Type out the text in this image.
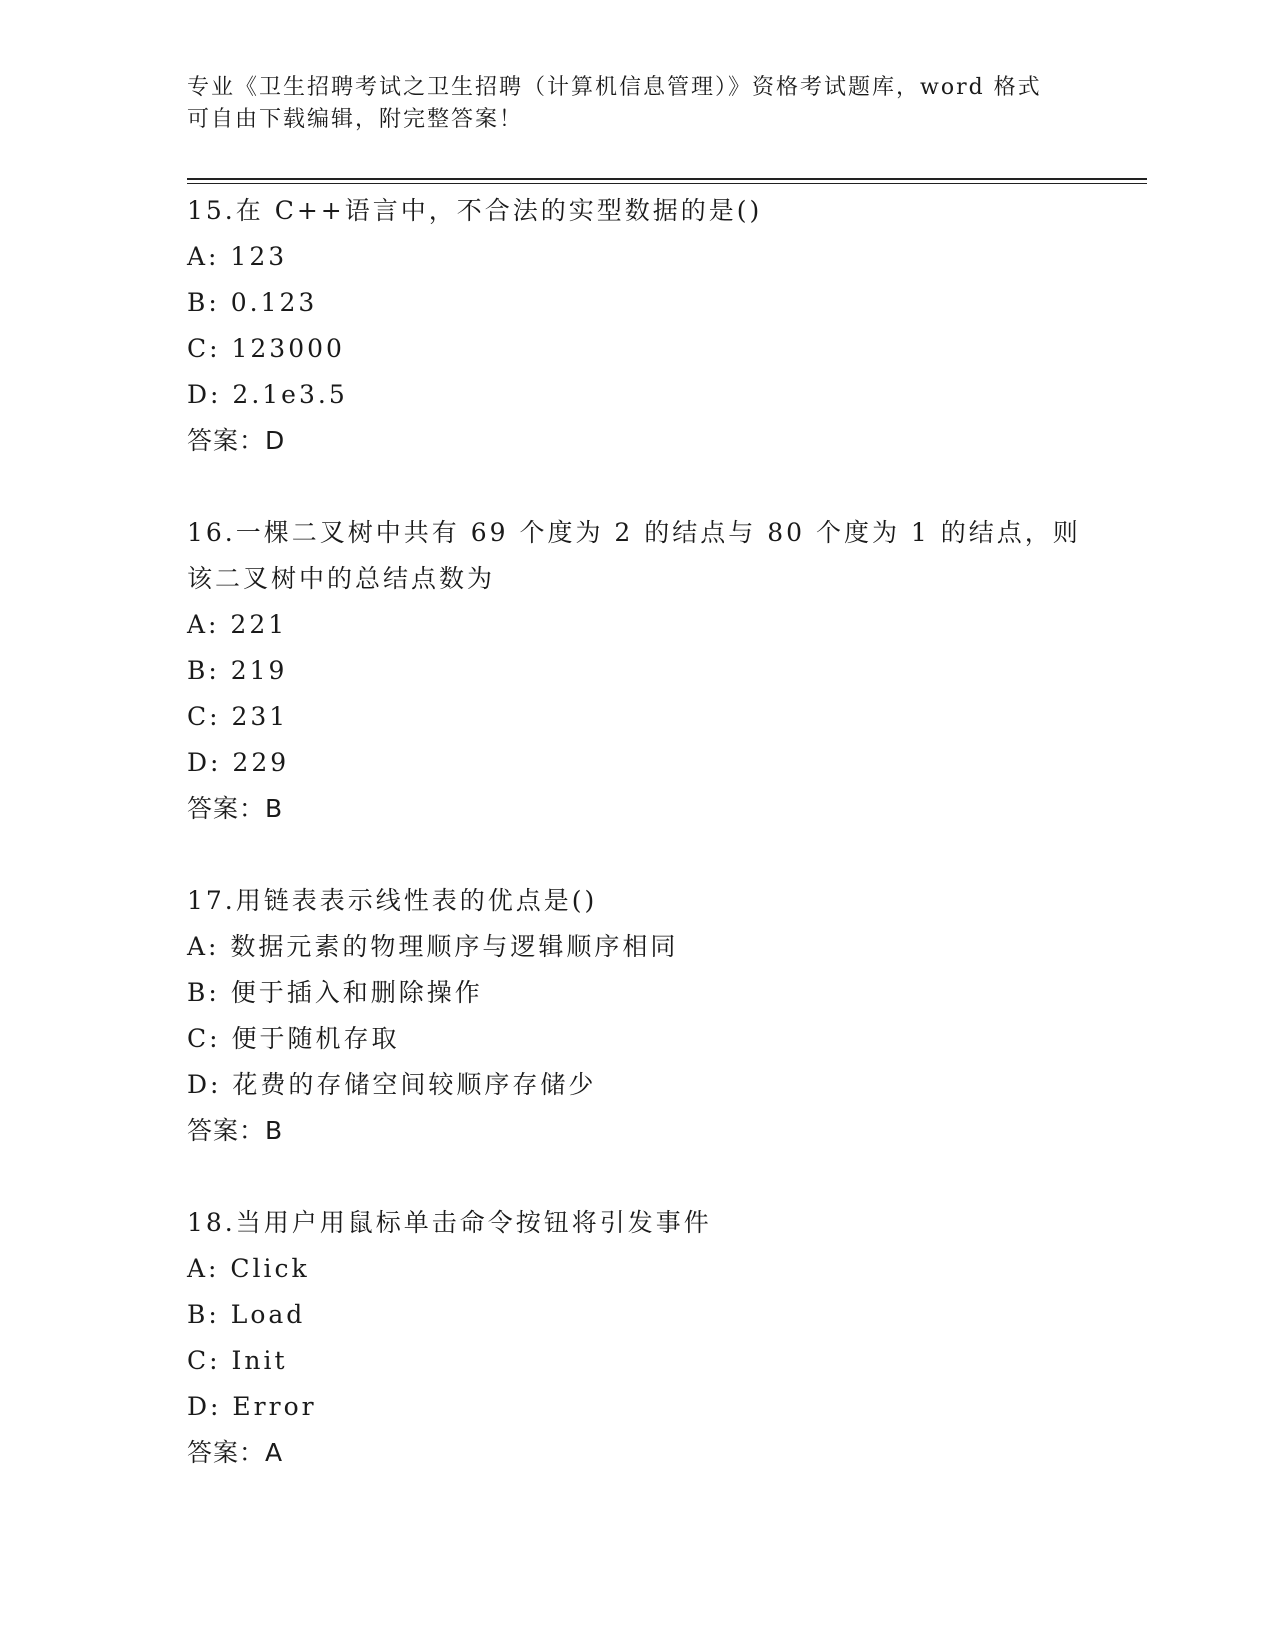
专业《卫生招聘考试之卫生招聘（计算机信息管理）》资格考试题库，word 格式
可自由下载编辑，附完整答案！
15.在 C++语言中，不合法的实型数据的是()
A: 123
B: 0.123
C: 123000
D: 2.1e3.5
答案：D
16.一棵二叉树中共有 69 个度为 2 的结点与 80 个度为 1 的结点，则该二叉树中的总结点数为
A: 221
B: 219
C: 231
D: 229
答案：B
17.用链表表示线性表的优点是()
A: 数据元素的物理顺序与逻辑顺序相同
B: 便于插入和删除操作
C: 便于随机存取
D: 花费的存储空间较顺序存储少
答案：B
18.当用户用鼠标单击命令按钮将引发事件
A: Click
B: Load
C: Init
D: Error
答案：A
